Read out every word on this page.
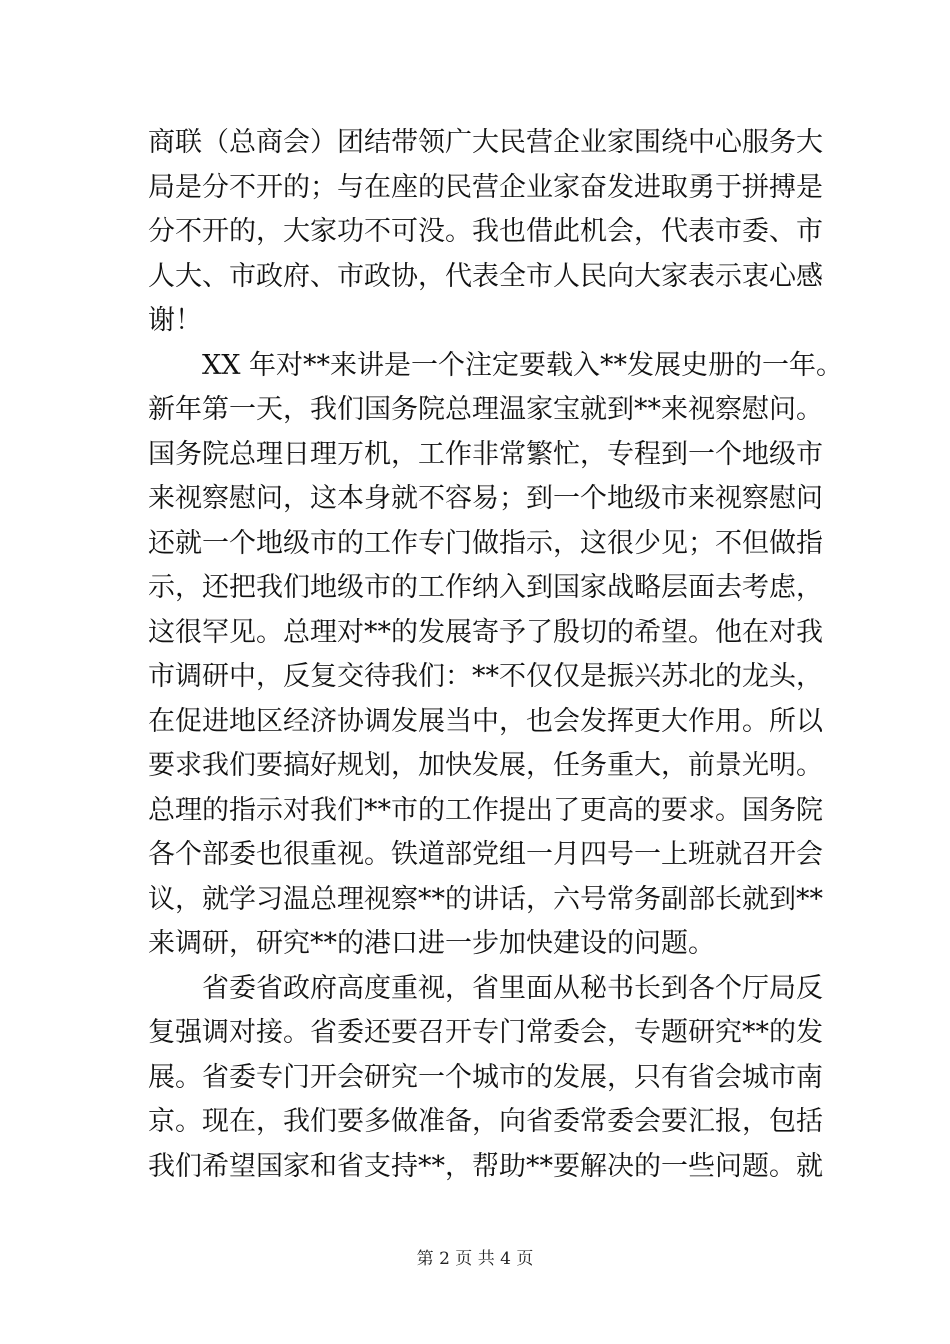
商联（总商会）团结带领广大民营企业家围绕中心服务大
局是分不开的；与在座的民营企业家奋发进取勇于拼搏是
分不开的，大家功不可没。我也借此机会，代表市委、市
人大、市政府、市政协，代表全市人民向大家表示衷心感
谢！
XX 年对**来讲是一个注定要载入**发展史册的一年。
新年第一天，我们国务院总理温家宝就到**来视察慰问。
国务院总理日理万机，工作非常繁忙，专程到一个地级市
来视察慰问，这本身就不容易；到一个地级市来视察慰问
还就一个地级市的工作专门做指示，这很少见；不但做指
示，还把我们地级市的工作纳入到国家战略层面去考虑，
这很罕见。总理对**的发展寄予了殷切的希望。他在对我
市调研中，反复交待我们：**不仅仅是振兴苏北的龙头，
在促进地区经济协调发展当中，也会发挥更大作用。所以
要求我们要搞好规划，加快发展，任务重大，前景光明。
总理的指示对我们**市的工作提出了更高的要求。国务院
各个部委也很重视。铁道部党组一月四号一上班就召开会
议，就学习温总理视察**的讲话，六号常务副部长就到**
来调研，研究**的港口进一步加快建设的问题。
省委省政府高度重视，省里面从秘书长到各个厅局反
复强调对接。省委还要召开专门常委会，专题研究**的发
展。省委专门开会研究一个城市的发展，只有省会城市南
京。现在，我们要多做准备，向省委常委会要汇报，包括
我们希望国家和省支持**，帮助**要解决的一些问题。就
第 2 页 共 4 页
